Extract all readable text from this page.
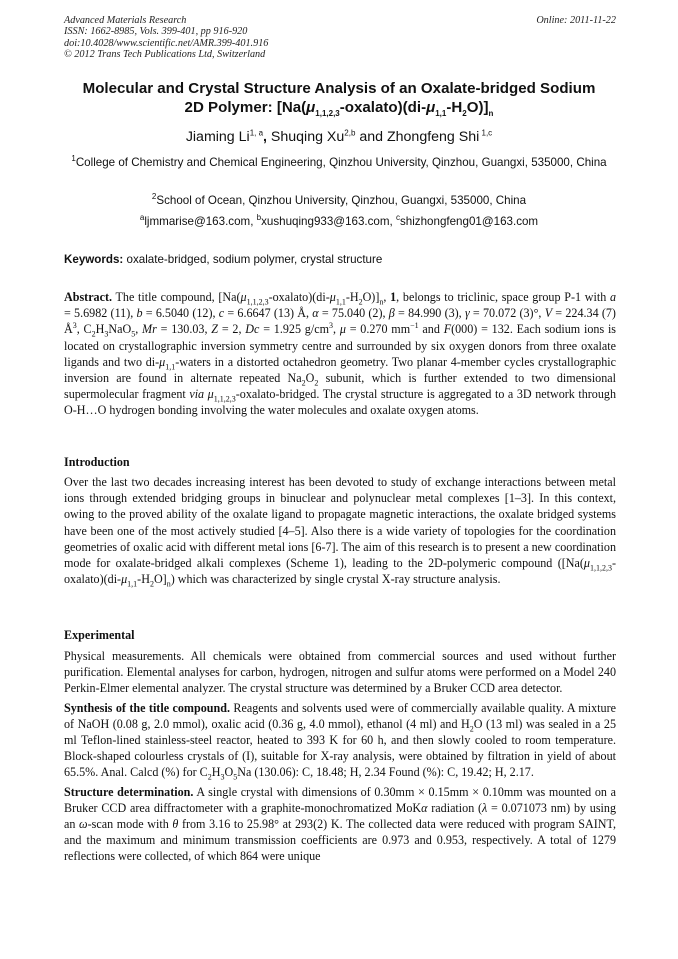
Advanced Materials Research
ISSN: 1662-8985, Vols. 399-401, pp 916-920
doi:10.4028/www.scientific.net/AMR.399-401.916
© 2012 Trans Tech Publications Ltd, Switzerland
Online: 2011-11-22
Molecular and Crystal Structure Analysis of an Oxalate-bridged Sodium
2D Polymer: $[Na(\mu_{1,1,2,3}-oxalato)(di-\mu_{1,1}-H_2O)]_n$
Jiaming Li$^{1, a}$, Shuqing Xu$^{2,b}$ and Zhongfeng Shi $^{1,c}$
$^1$College of Chemistry and Chemical Engineering, Qinzhou University, Qinzhou, Guangxi, 535000, China
$^2$School of Ocean, Qinzhou University, Qinzhou, Guangxi, 535000, China
$^a$ljmmarise@163.com, $^b$xushuqing933@163.com, $^c$shizhongfeng01@163.com
Keywords: oxalate-bridged, sodium polymer, crystal structure

Abstract. The title compound, $[Na(\mu_{1,1,2,3}-oxalato)(di-\mu_{1,1}-H_2O)]_n$, 1, belongs to triclinic, space group P-1 with a = 5.6982 (11), b = 6.5040 (12), c = 6.6647 (13) Å, α = 75.040 (2), β = 84.990 (3), γ = 70.072 (3)°, V = 224.34 (7) $Å^3$, $C_2H_3NaO_5$, Mr = 130.03, Z = 2, Dc = 1.925 $g/cm^3$, μ = 0.270 $mm^{-1}$ and F(000) = 132. Each sodium ions is located on crystallographic inversion symmetry centre and surrounded by six oxygen donors from three oxalate ligands and two $di-\mu_{1,1}$-waters in a distorted octahedron geometry. Two planar 4-member cycles crystallographic inversion are found in alternate repeated $Na_2O_2$ subunit, which is further extended to two dimensional supermolecular fragment via $\mu_{1,1,2,3}-oxalato$-bridged. The crystal structure is aggregated to a 3D network through O-H…O hydrogen bonding involving the water molecules and oxalate oxygen atoms.

Introduction

Over the last two decades increasing interest has been devoted to study of exchange interactions between metal ions through extended bridging groups in binuclear and polynuclear metal complexes [1–3]. In this context, owing to the proved ability of the oxalate ligand to propagate magnetic interactions, the oxalate bridged systems have been one of the most actively studied [4–5]. Also there is a wide variety of topologies for the coordination geometries of oxalic acid with different metal ions [6-7]. The aim of this research is to present a new coordination mode for oxalate-bridged alkali complexes (Scheme 1), leading to the 2D-polymeric compound ($[Na(\mu_{1,1,2,3}-oxalato)(di-\mu_{1,1}-H_2O]_n)$ which was characterized by single crystal X-ray structure analysis.

Experimental

Physical measurements. All chemicals were obtained from commercial sources and used without further purification. Elemental analyses for carbon, hydrogen, nitrogen and sulfur atoms were performed on a Model 240 Perkin-Elmer elemental analyzer. The crystal structure was determined by a Bruker CCD area detector.

Synthesis of the title compound. Reagents and solvents used were of commercially available quality. A mixture of NaOH (0.08 g, 2.0 mmol), oxalic acid (0.36 g, 4.0 mmol), ethanol (4 ml) and $H_2O$ (13 ml) was sealed in a 25 ml Teflon-lined stainless-steel reactor, heated to 393 K for 60 h, and then slowly cooled to room temperature. Block-shaped colourless crystals of (I), suitable for X-ray analysis, were obtained by filtration in yield of about 65.5%. Anal. Calcd (%) for $C_2H_3O_5Na$ (130.06): C, 18.48; H, 2.34 Found (%): C, 19.42; H, 2.17.

Structure determination. A single crystal with dimensions of 0.30mm × 0.15mm × 0.10mm was mounted on a Bruker CCD area diffractometer with a graphite-monochromatized MoKα radiation (λ = 0.071073 nm) by using an ω-scan mode with θ from 3.16 to 25.98° at 293(2) K. The collected data were reduced with program SAINT, and the maximum and minimum transmission coefficients are 0.973 and 0.953, respectively. A total of 1279 reflections were collected, of which 864 were unique
